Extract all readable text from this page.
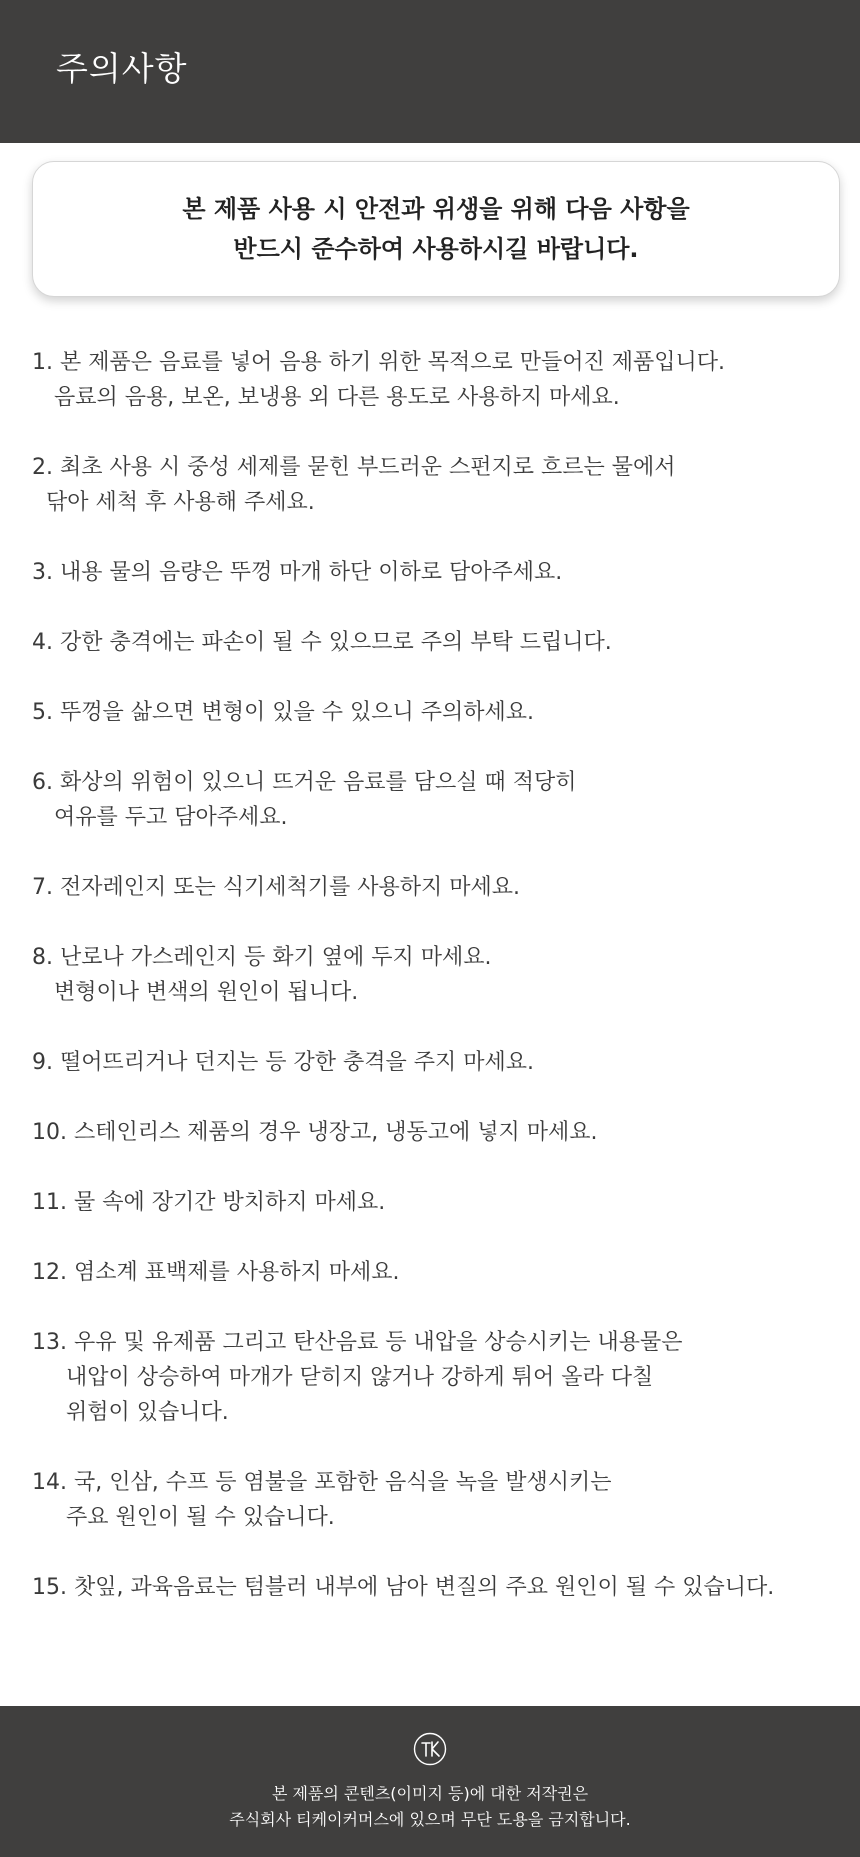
주의사항
본 제품 사용 시 안전과 위생을 위해 다음 사항을
반드시 준수하여 사용하시길 바랍니다.
1. 본 제품은 음료를 넣어 음용 하기 위한 목적으로 만들어진 제품입니다.
음료의 음용, 보온, 보냉용 외 다른 용도로 사용하지 마세요.
2. 최초 사용 시 중성 세제를 묻힌 부드러운 스펀지로 흐르는 물에서
닦아 세척 후 사용해 주세요.
3. 내용 물의 음량은 뚜껑 마개 하단 이하로 담아주세요.
4. 강한 충격에는 파손이 될 수 있으므로 주의 부탁 드립니다.
5. 뚜껑을 삶으면 변형이 있을 수 있으니 주의하세요.
6. 화상의 위험이 있으니 뜨거운 음료를 담으실 때 적당히
여유를 두고 담아주세요.
7. 전자레인지 또는 식기세척기를 사용하지 마세요.
8. 난로나 가스레인지 등 화기 옆에 두지 마세요.
변형이나 변색의 원인이 됩니다.
9. 떨어뜨리거나 던지는 등 강한 충격을 주지 마세요.
10. 스테인리스 제품의 경우 냉장고, 냉동고에 넣지 마세요.
11. 물 속에 장기간 방치하지 마세요.
12. 염소계 표백제를 사용하지 마세요.
13. 우유 및 유제품 그리고 탄산음료 등 내압을 상승시키는 내용물은
내압이 상승하여 마개가 닫히지 않거나 강하게 튀어 올라 다칠
위험이 있습니다.
14. 국, 인삼, 수프 등 염불을 포함한 음식을 녹을 발생시키는
주요 원인이 될 수 있습니다.
15. 찻잎, 과육음료는 텀블러 내부에 남아 변질의 주요 원인이 될 수 있습니다.
본 제품의 콘텐츠(이미지 등)에 대한 저작권은
주식회사 티케이커머스에 있으며 무단 도용을 금지합니다.
